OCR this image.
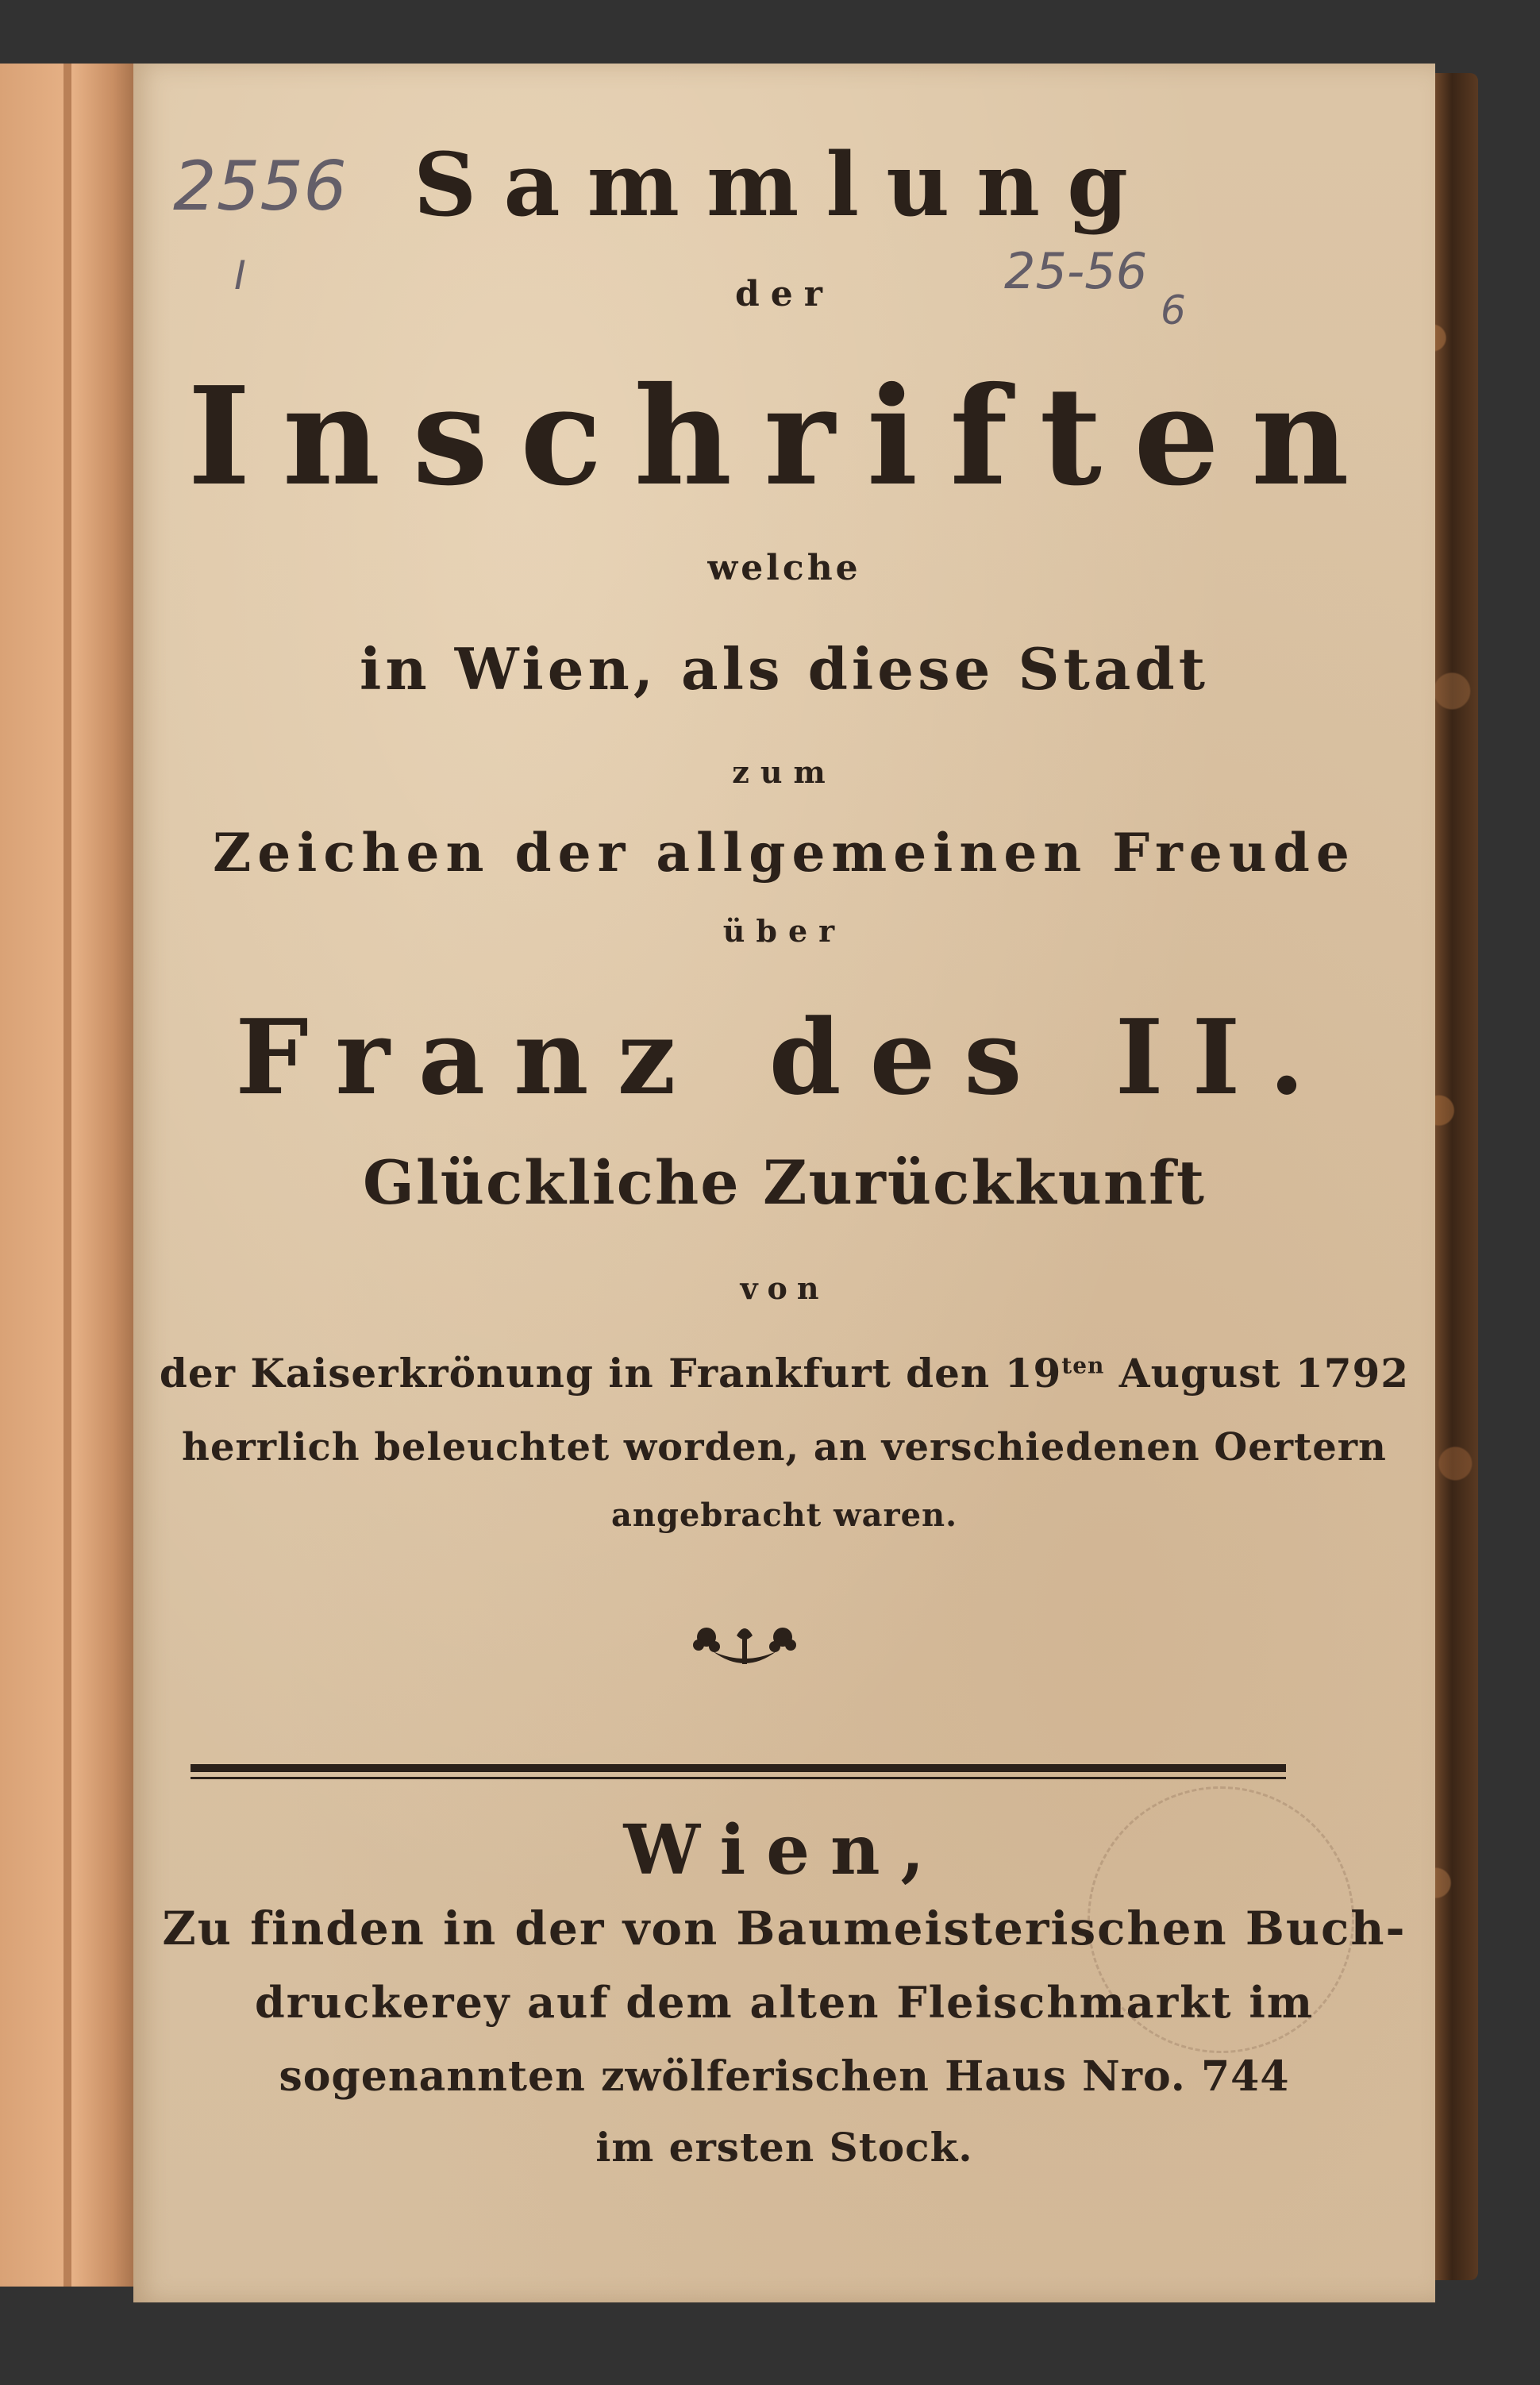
2556
I	25-56
6
Sammlung
der
Inschriften
welche
in Wien, als diese Stadt
zum
Zeichen der allgemeinen Freude
über
Franz des II.
Glückliche Zurückkunft
von
der Kaiserkrönung in Frankfurt den $19^{ten}$ August 1792
herrlich beleuchtet worden, an verschiedenen Oertern
angebracht waren.
Wien,
Zu finden in der von Baumeisterischen Buch-
druckerey auf dem alten Fleischmarkt im
sogenannten zwölferischen Haus Nro. 744
im ersten Stock.
